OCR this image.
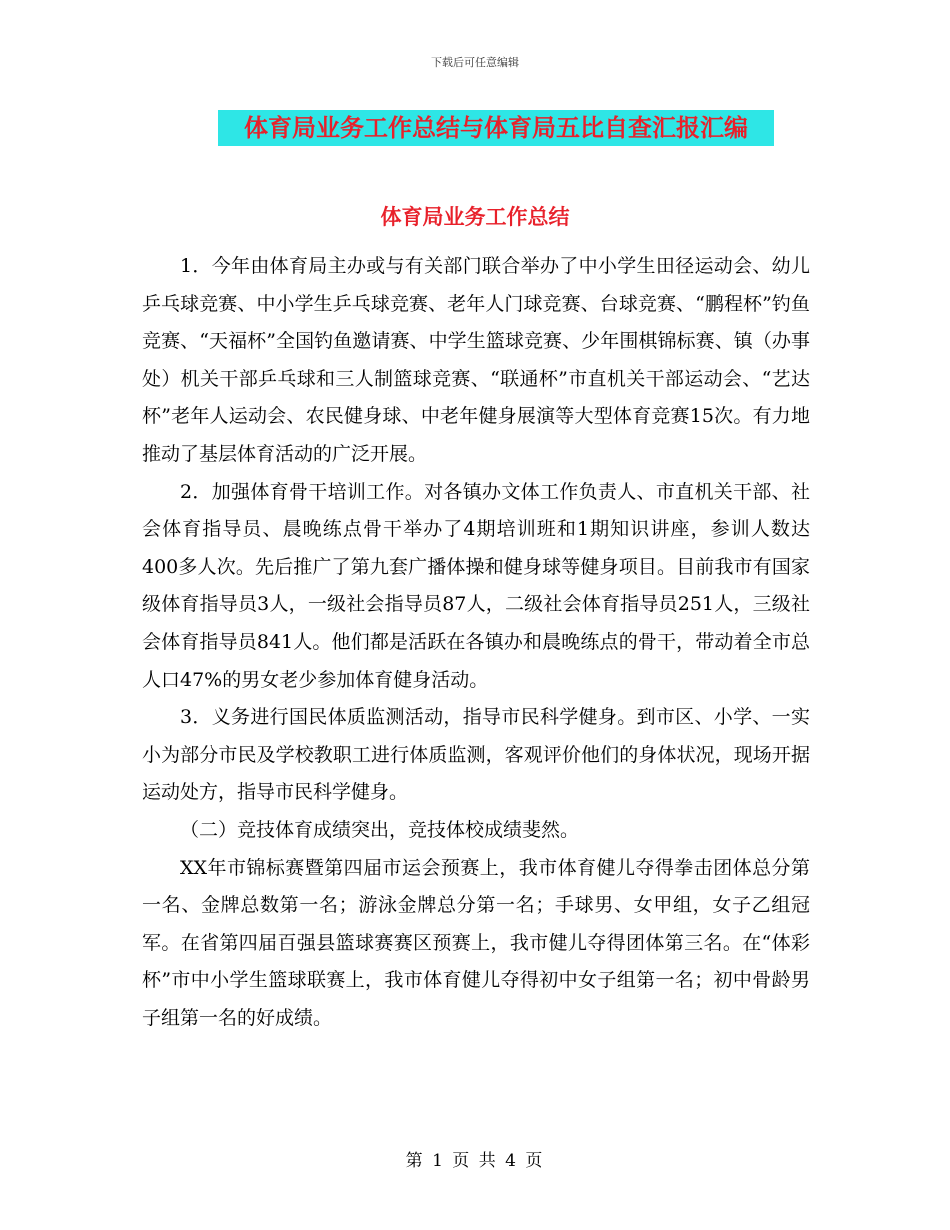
下载后可任意编辑
体育局业务工作总结与体育局五比自查汇报汇编
体育局业务工作总结

1．今年由体育局主办或与有关部门联合举办了中小学生田径运动会、幼儿乒乓球竞赛、中小学生乒乓球竞赛、老年人门球竞赛、台球竞赛、“鹏程杯”钓鱼竞赛、“天福杯”全国钓鱼邀请赛、中学生篮球竞赛、少年围棋锦标赛、镇（办事处）机关干部乒乓球和三人制篮球竞赛、“联通杯”市直机关干部运动会、“艺达杯”老年人运动会、农民健身球、中老年健身展演等大型体育竞赛15次。有力地推动了基层体育活动的广泛开展。

2．加强体育骨干培训工作。对各镇办文体工作负责人、市直机关干部、社会体育指导员、晨晚练点骨干举办了4期培训班和1期知识讲座，参训人数达400多人次。先后推广了第九套广播体操和健身球等健身项目。目前我市有国家级体育指导员3人，一级社会指导员87人，二级社会体育指导员251人，三级社会体育指导员841人。他们都是活跃在各镇办和晨晚练点的骨干，带动着全市总人口47%的男女老少参加体育健身活动。

3．义务进行国民体质监测活动，指导市民科学健身。到市区、小学、一实小为部分市民及学校教职工进行体质监测，客观评价他们的身体状况，现场开据运动处方，指导市民科学健身。

（二）竞技体育成绩突出，竞技体校成绩斐然。

XX年市锦标赛暨第四届市运会预赛上，我市体育健儿夺得拳击团体总分第一名、金牌总数第一名；游泳金牌总分第一名；手球男、女甲组，女子乙组冠军。在省第四届百强县篮球赛赛区预赛上，我市健儿夺得团体第三名。在“体彩杯”市中小学生篮球联赛上，我市体育健儿夺得初中女子组第一名；初中骨龄男子组第一名的好成绩。

第 1 页 共 4 页
